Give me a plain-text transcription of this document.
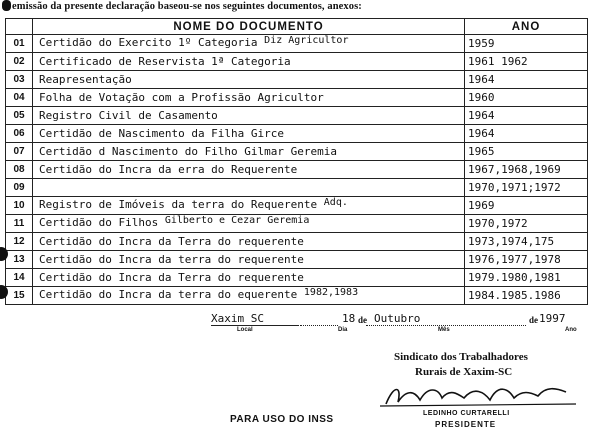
emissão da presente declaração baseou-se nos seguintes documentos, anexos:
	NOME DO DOCUMENTO	ANO
01	Certidão do Exercito 1º Categoria Diz Agricultor	1959
02	Certificado de Reservista 1ª Categoria	1961 1962
03	Reapresentação	1964
04	Folha de Votação com a Profissão Agricultor	1960
05	Registro Civil de Casamento	1964
06	Certidão de Nascimento da Filha Girce	1964
07	Certidão d Nascimento do Filho Gilmar Geremia	1965
08	Certidão do Incra da erra do Requerente	1967,1968,1969
09		1970,1971;1972
10	Registro de Imóveis da terra do Requerente Adq.	1969
11	Certidão do Filhos Gilberto e Cezar Geremia	1970,1972
12	Certidão do Incra da Terra do requerente	1973,1974,175
13	Certidão do Incra da terra do requerente	1976,1977,1978
14	Certidão do Incra da Terra do requerente	1979.1980,1981
15	Certidão do Incra da terra do equerente 1982,1983	1984.1985.1986
Xaxim SC	18 de Outubro	de 1997
Local	Dia	Mês	Ano
Sindicato dos Trabalhadores
Rurais de Xaxim-SC
LEDINHO CURTARELLI
PRESIDENTE
PARA USO DO INSS
